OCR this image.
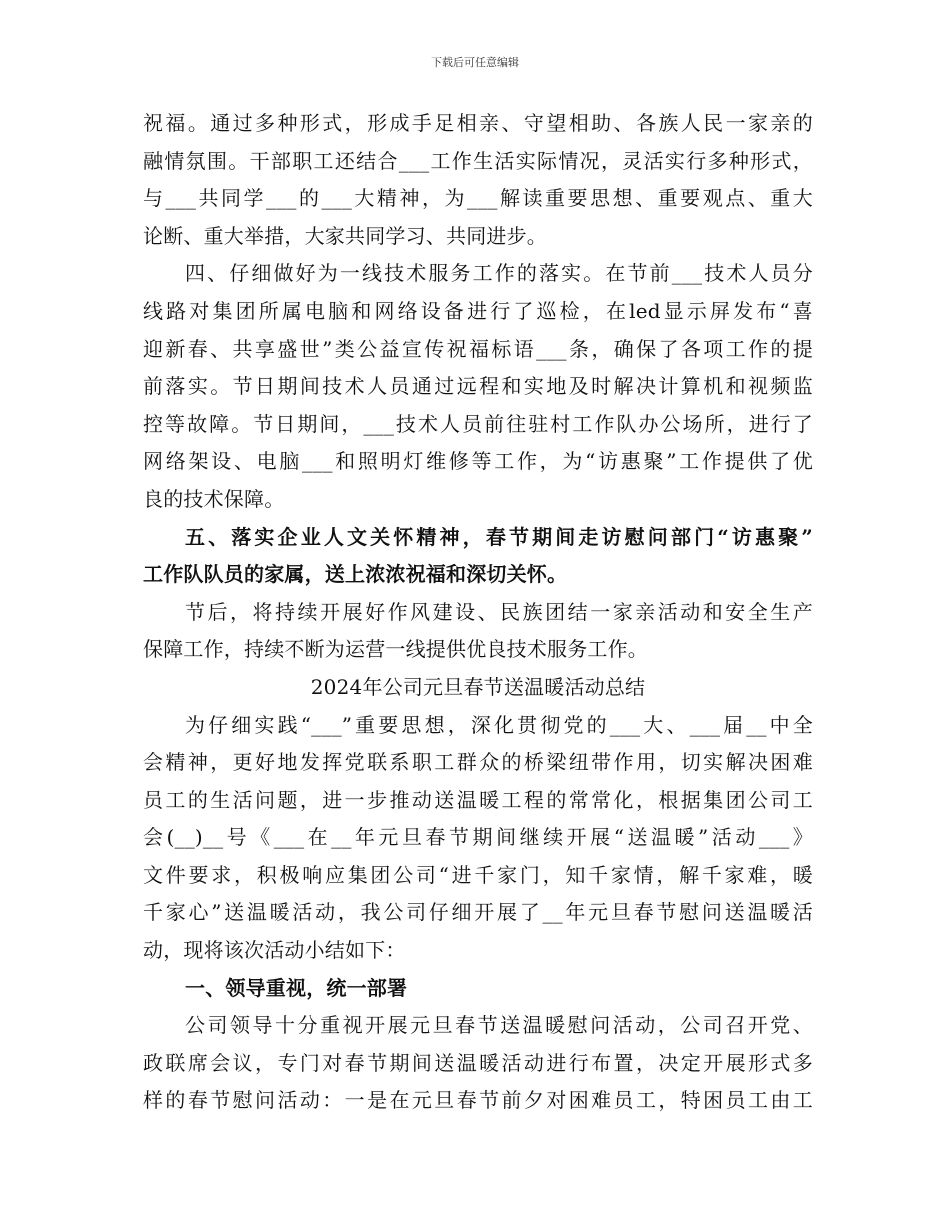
下载后可任意编辑
祝福。通过多种形式，形成手足相亲、守望相助、各族人民一家亲的
融情氛围。干部职工还结合___工作生活实际情况，灵活实行多种形式，
与___共同学___的___大精神，为___解读重要思想、重要观点、重大
论断、重大举措，大家共同学习、共同进步。
四、仔细做好为一线技术服务工作的落实。在节前___技术人员分
线路对集团所属电脑和网络设备进行了巡检，在led显示屏发布“喜
迎新春、共享盛世”类公益宣传祝福标语___条，确保了各项工作的提
前落实。节日期间技术人员通过远程和实地及时解决计算机和视频监
控等故障。节日期间，___技术人员前往驻村工作队办公场所，进行了
网络架设、电脑___和照明灯维修等工作，为“访惠聚”工作提供了优
良的技术保障。
五、落实企业人文关怀精神，春节期间走访慰问部门“访惠聚”
工作队队员的家属，送上浓浓祝福和深切关怀。
节后，将持续开展好作风建设、民族团结一家亲活动和安全生产
保障工作，持续不断为运营一线提供优良技术服务工作。
2024年公司元旦春节送温暖活动总结
为仔细实践“___”重要思想，深化贯彻党的___大、___届__中全
会精神，更好地发挥党联系职工群众的桥梁纽带作用，切实解决困难
员工的生活问题，进一步推动送温暖工程的常常化，根据集团公司工
会(__)__号《___在__年元旦春节期间继续开展“送温暖”活动___》
文件要求，积极响应集团公司“进千家门，知千家情，解千家难，暖
千家心”送温暖活动，我公司仔细开展了__年元旦春节慰问送温暖活
动，现将该次活动小结如下：
一、领导重视，统一部署
公司领导十分重视开展元旦春节送温暖慰问活动，公司召开党、
政联席会议，专门对春节期间送温暖活动进行布置，决定开展形式多
样的春节慰问活动：一是在元旦春节前夕对困难员工，特困员工由工
